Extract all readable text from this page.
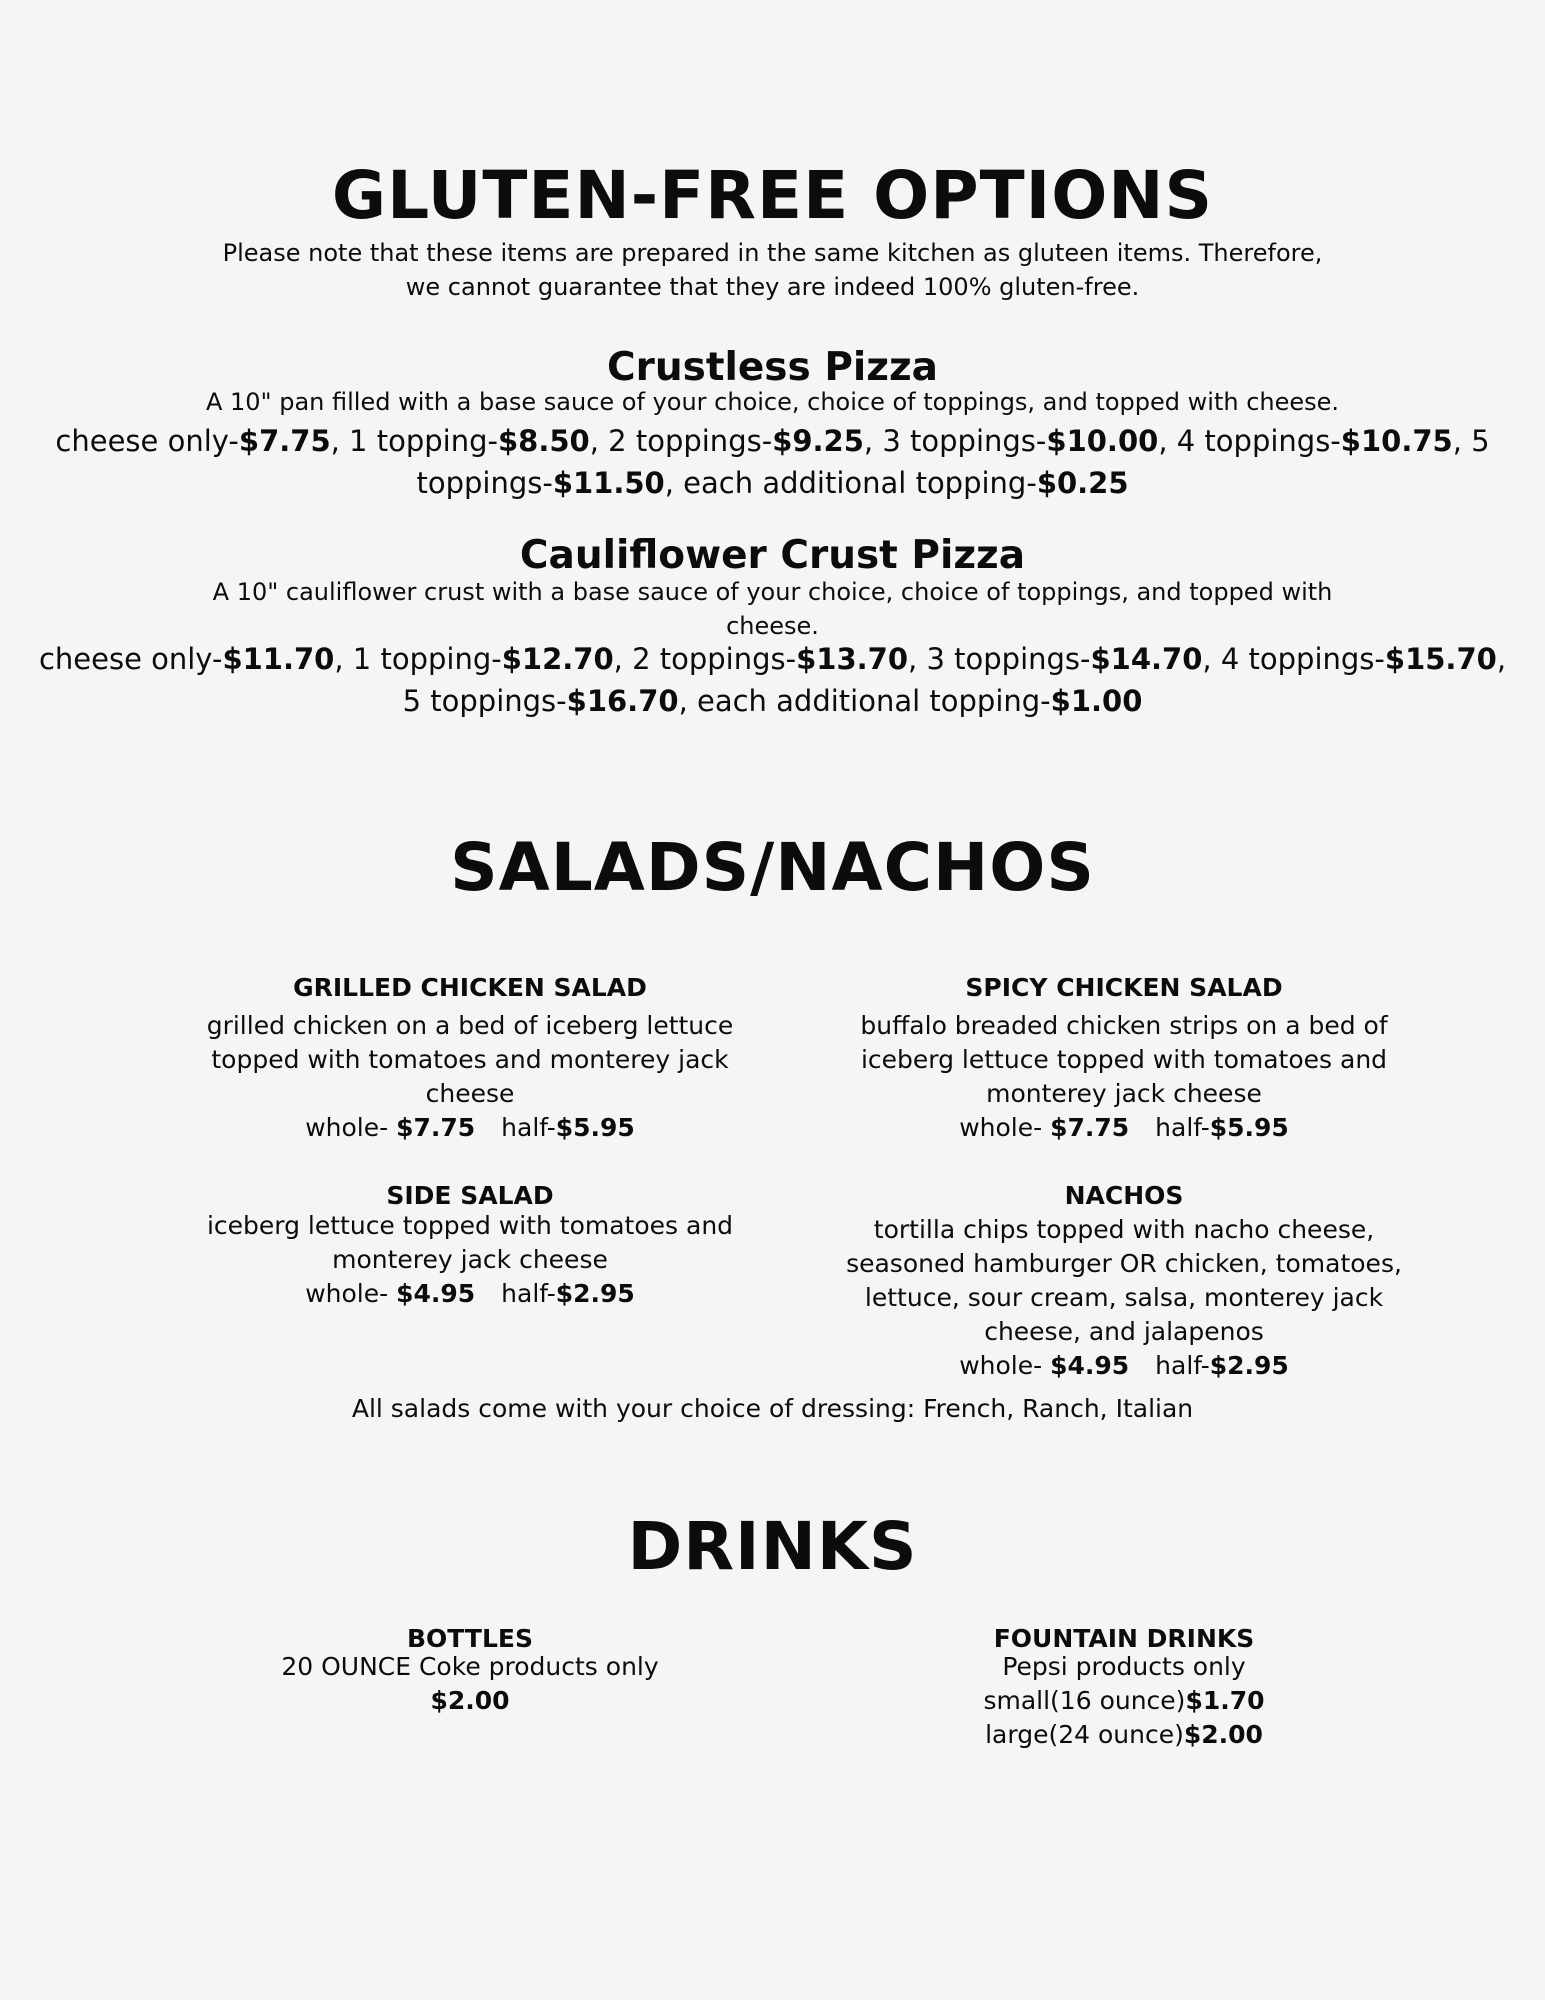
GLUTEN-FREE OPTIONS
Please note that these items are prepared in the same kitchen as gluteen items. Therefore,
we cannot guarantee that they are indeed 100% gluten-free.
Crustless Pizza
A 10" pan filled with a base sauce of your choice, choice of toppings, and topped with cheese.
cheese only-$7.75, 1 topping-$8.50, 2 toppings-$9.25, 3 toppings-$10.00, 4 toppings-$10.75, 5
toppings-$11.50, each additional topping-$0.25
Cauliflower Crust Pizza
A 10" cauliflower crust with a base sauce of your choice, choice of toppings, and topped with
cheese.
cheese only-$11.70, 1 topping-$12.70, 2 toppings-$13.70, 3 toppings-$14.70, 4 toppings-$15.70,
5 toppings-$16.70, each additional topping-$1.00
SALADS/NACHOS
GRILLED CHICKEN SALAD
grilled chicken on a bed of iceberg lettuce
topped with tomatoes and monterey jack
cheese
whole- $7.75 half-$5.95
SPICY CHICKEN SALAD
buffalo breaded chicken strips on a bed of
iceberg lettuce topped with tomatoes and
monterey jack cheese
whole- $7.75 half-$5.95
SIDE SALAD
iceberg lettuce topped with tomatoes and
monterey jack cheese
whole- $4.95 half-$2.95
NACHOS
tortilla chips topped with nacho cheese,
seasoned hamburger OR chicken, tomatoes,
lettuce, sour cream, salsa, monterey jack
cheese, and jalapenos
whole- $4.95 half-$2.95
All salads come with your choice of dressing: French, Ranch, Italian
DRINKS
BOTTLES
20 OUNCE Coke products only
$2.00
FOUNTAIN DRINKS
Pepsi products only
small(16 ounce)$1.70
large(24 ounce)$2.00
